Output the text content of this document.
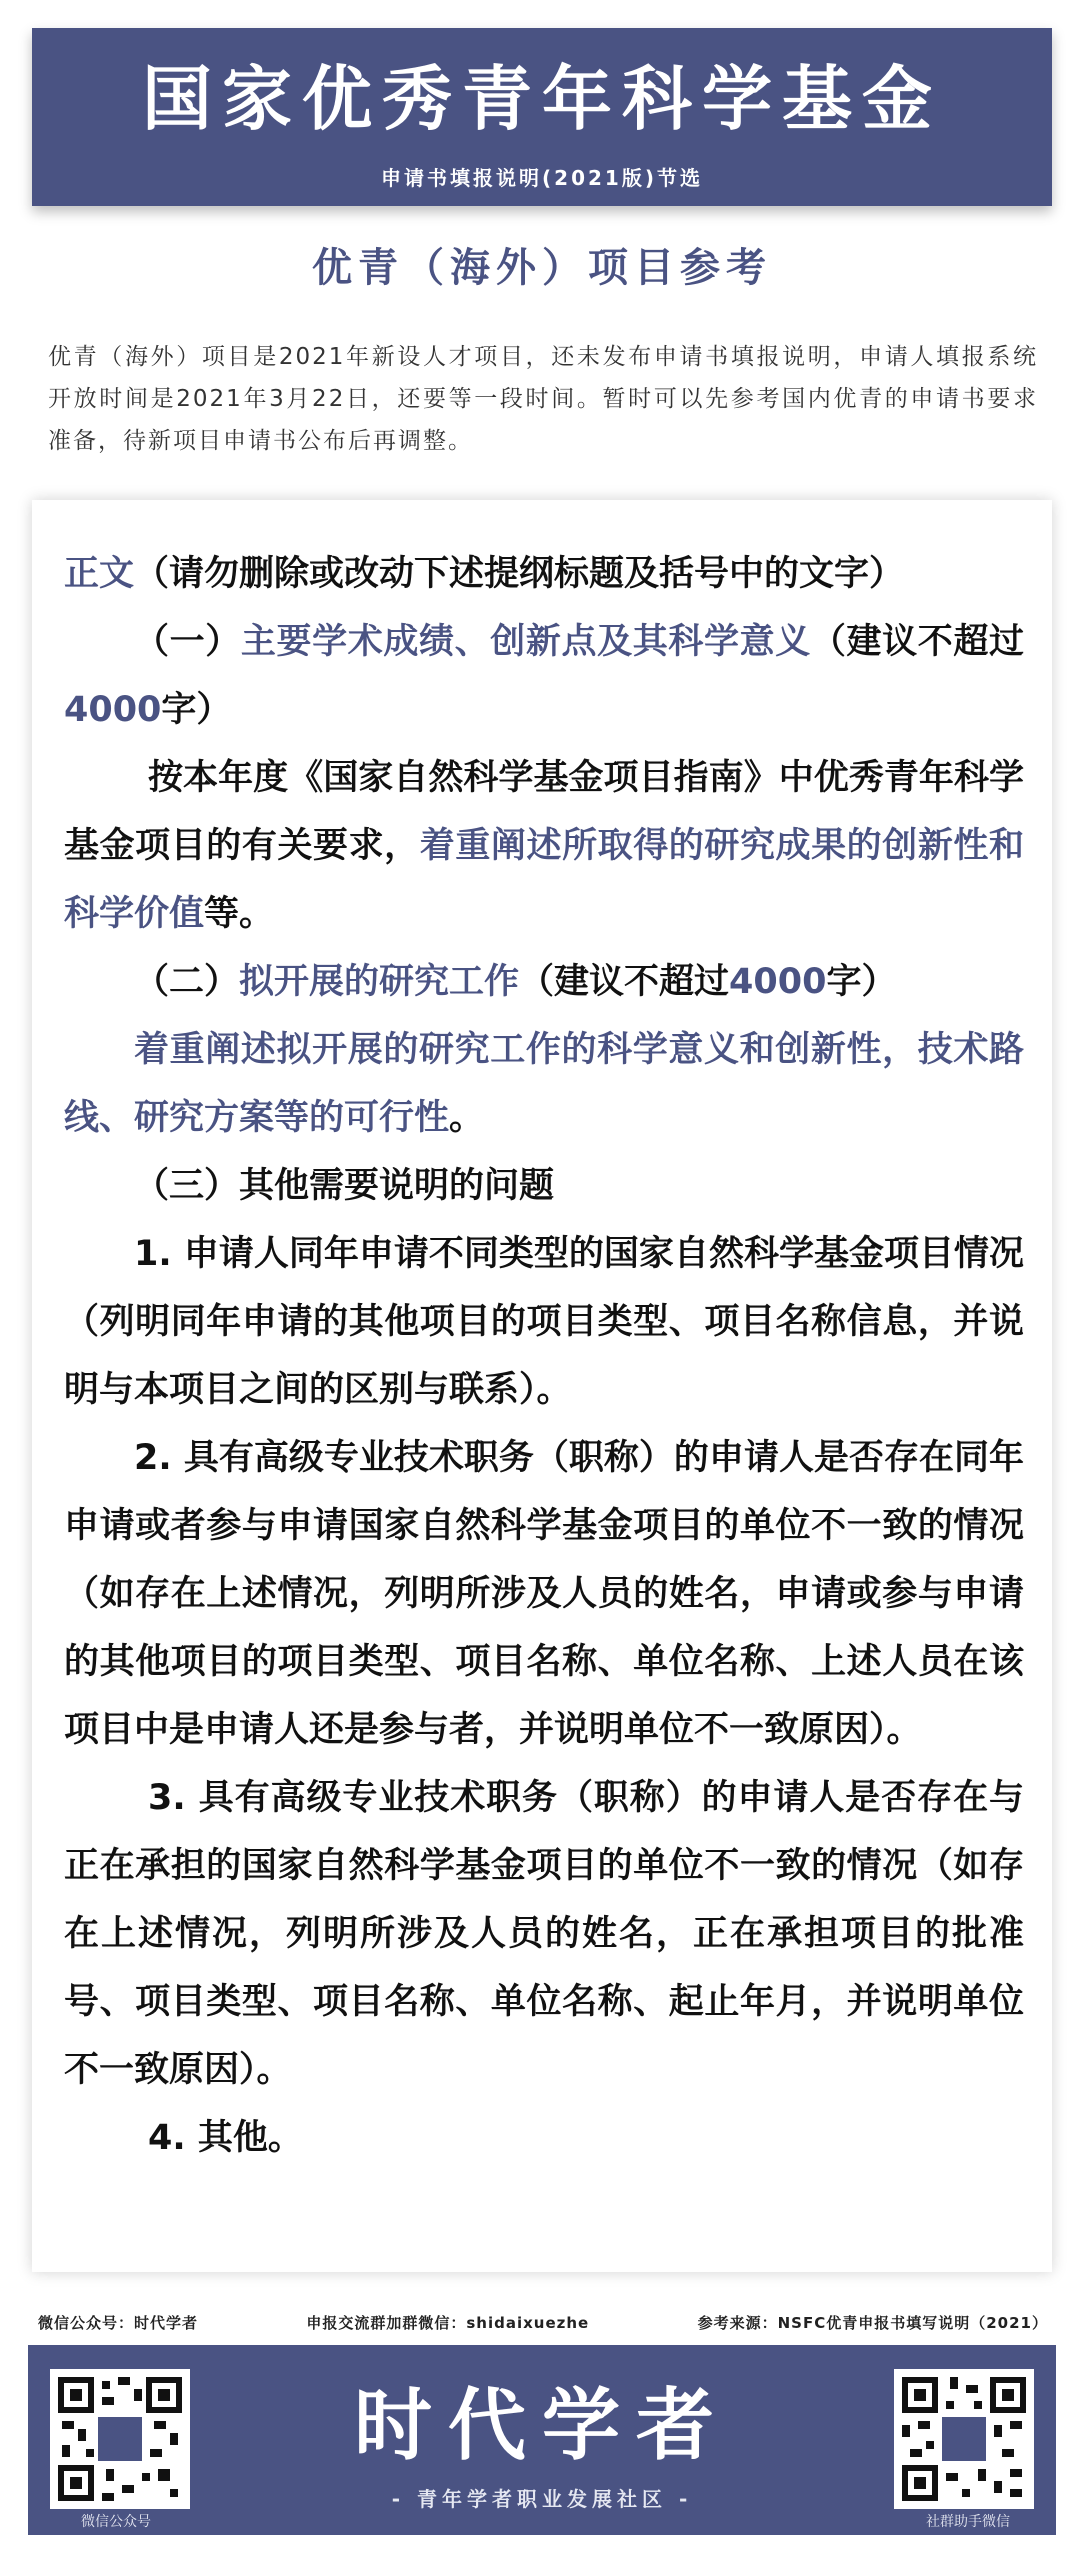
国家优秀青年科学基金
申请书填报说明(2021版)节选
优青（海外）项目参考
优青（海外）项目是2021年新设人才项目，还未发布申请书填报说明，申请人填报系统开放时间是2021年3月22日，还要等一段时间。暂时可以先参考国内优青的申请书要求准备，待新项目申请书公布后再调整。

正文（请勿删除或改动下述提纲标题及括号中的文字）

（一）主要学术成绩、创新点及其科学意义（建议不超过4000字）

按本年度《国家自然科学基金项目指南》中优秀青年科学基金项目的有关要求，着重阐述所取得的研究成果的创新性和科学价值等。

（二）拟开展的研究工作（建议不超过4000字）

着重阐述拟开展的研究工作的科学意义和创新性，技术路线、研究方案等的可行性。

（三）其他需要说明的问题

1. 申请人同年申请不同类型的国家自然科学基金项目情况（列明同年申请的其他项目的项目类型、项目名称信息，并说明与本项目之间的区别与联系）。

2. 具有高级专业技术职务（职称）的申请人是否存在同年申请或者参与申请国家自然科学基金项目的单位不一致的情况（如存在上述情况，列明所涉及人员的姓名，申请或参与申请的其他项目的项目类型、项目名称、单位名称、上述人员在该项目中是申请人还是参与者，并说明单位不一致原因）。

3. 具有高级专业技术职务（职称）的申请人是否存在与正在承担的国家自然科学基金项目的单位不一致的情况（如存在上述情况，列明所涉及人员的姓名，正在承担项目的批准号、项目类型、项目名称、单位名称、起止年月，并说明单位不一致原因）。

4. 其他。

微信公众号：时代学者	申报交流群加群微信：shidaixuezhe	参考来源：NSFC优青申报书填写说明（2021）
微信公众号	社群助手微信
时代学者
- 青年学者职业发展社区 -
